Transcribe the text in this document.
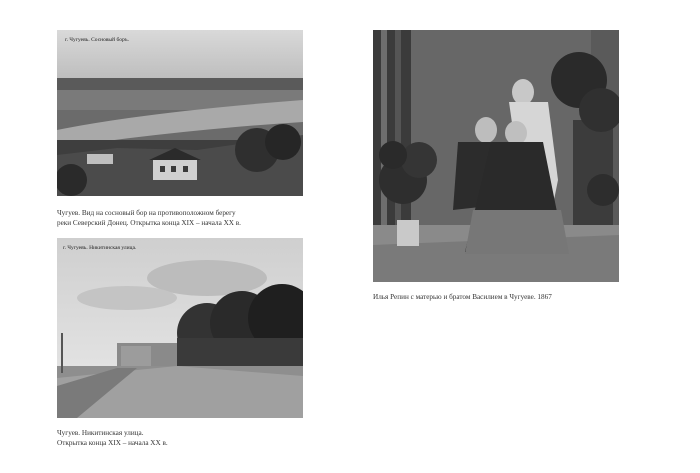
г. Чугуевъ. Сосновый боръ.
Чугуев. Вид на сосновый бор на противоположном берегу
реки Северский Донец. Открытка конца XIX – начала XX в.
г. Чугуевъ. Никитинская улица.
Чугуев. Никитинская улица.
Открытка конца XIX – начала XX в.
Илья Репин с матерью и братом Василием в Чугуеве. 1867
